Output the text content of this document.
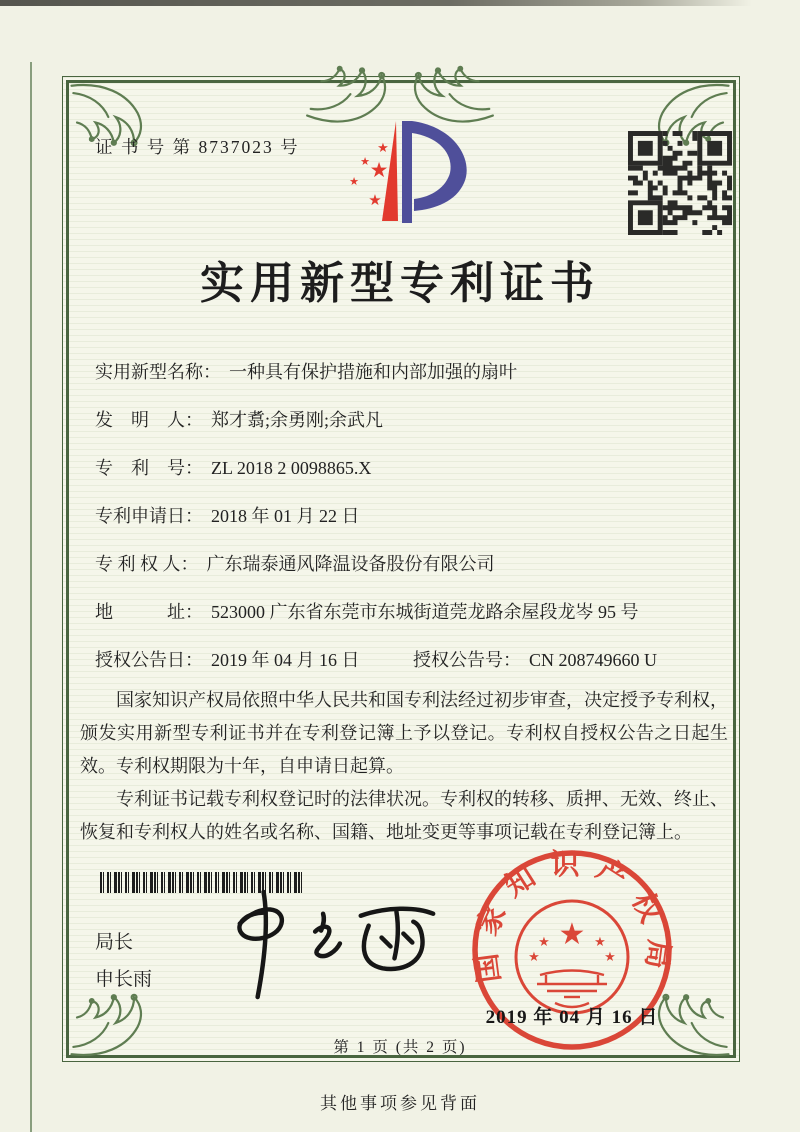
证 书 号 第 8737023 号	★
★ ★
★
★
实用新型专利证书
实用新型名称： 一种具有保护措施和内部加强的扇叶
发　明　人： 郑才翥;余勇刚;余武凡
专　利　号： ZL 2018 2 0098865.X
专利申请日： 2018 年 01 月 22 日
专 利 权 人： 广东瑞泰通风降温设备股份有限公司
地　　　址： 523000 广东省东莞市东城街道莞龙路余屋段龙岑 95 号
授权公告日： 2019 年 04 月 16 日	授权公告号： CN 208749660 U

国家知识产权局依照中华人民共和国专利法经过初步审查，决定授予专利权，颁发实用新型专利证书并在专利登记簿上予以登记。专利权自授权公告之日起生效。专利权期限为十年，自申请日起算。

专利证书记载专利权登记时的法律状况。专利权的转移、质押、无效、终止、恢复和专利权人的姓名或名称、国籍、地址变更等事项记载在专利登记簿上。

局长
申长雨	国家知识产权局
★
★
★
★
★
2019 年 04 月 16 日
第 1 页 (共 2 页)
其他事项参见背面
